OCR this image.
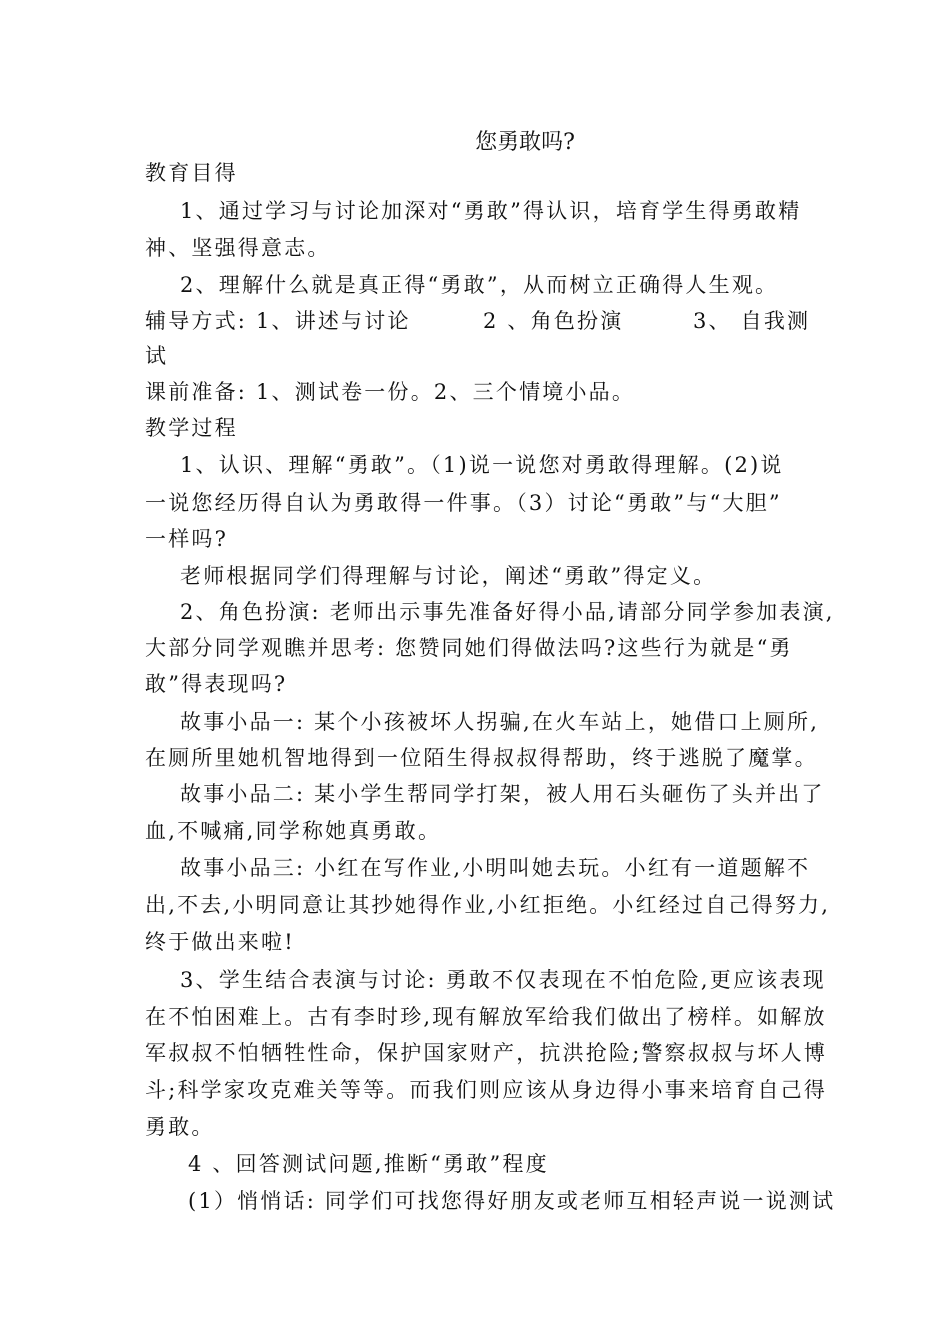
您勇敢吗?
教育目得
1、通过学习与讨论加深对“勇敢”得认识，培育学生得勇敢精
神、坚强得意志。
2、理解什么就是真正得“勇敢”，从而树立正确得人生观。
辅导方式: 1、讲述与讨论	2 、角色扮演	3、 自我测
试
课前准备: 1、测试卷一份。2、三个情境小品。
教学过程
1、认识、理解“勇敢”。（1)说一说您对勇敢得理解。(2)说
一说您经历得自认为勇敢得一件事。（3）讨论“勇敢”与“大胆”
一样吗?
老师根据同学们得理解与讨论，阐述“勇敢”得定义。
2、角色扮演: 老师出示事先准备好得小品,请部分同学参加表演,
大部分同学观瞧并思考: 您赞同她们得做法吗?这些行为就是“勇
敢”得表现吗?
故事小品一: 某个小孩被坏人拐骗,在火车站上，她借口上厕所,
在厕所里她机智地得到一位陌生得叔叔得帮助，终于逃脱了魔掌。
故事小品二: 某小学生帮同学打架，被人用石头砸伤了头并出了
血,不喊痛,同学称她真勇敢。
故事小品三: 小红在写作业,小明叫她去玩。小红有一道题解不
出,不去,小明同意让其抄她得作业,小红拒绝。小红经过自己得努力,
终于做出来啦!
3、学生结合表演与讨论: 勇敢不仅表现在不怕危险,更应该表现
在不怕困难上。古有李时珍,现有解放军给我们做出了榜样。如解放
军叔叔不怕牺牲性命，保护国家财产，抗洪抢险;警察叔叔与坏人博
斗;科学家攻克难关等等。而我们则应该从身边得小事来培育自己得
勇敢。
4 、回答测试问题,推断“勇敢”程度
(1）悄悄话: 同学们可找您得好朋友或老师互相轻声说一说测试
